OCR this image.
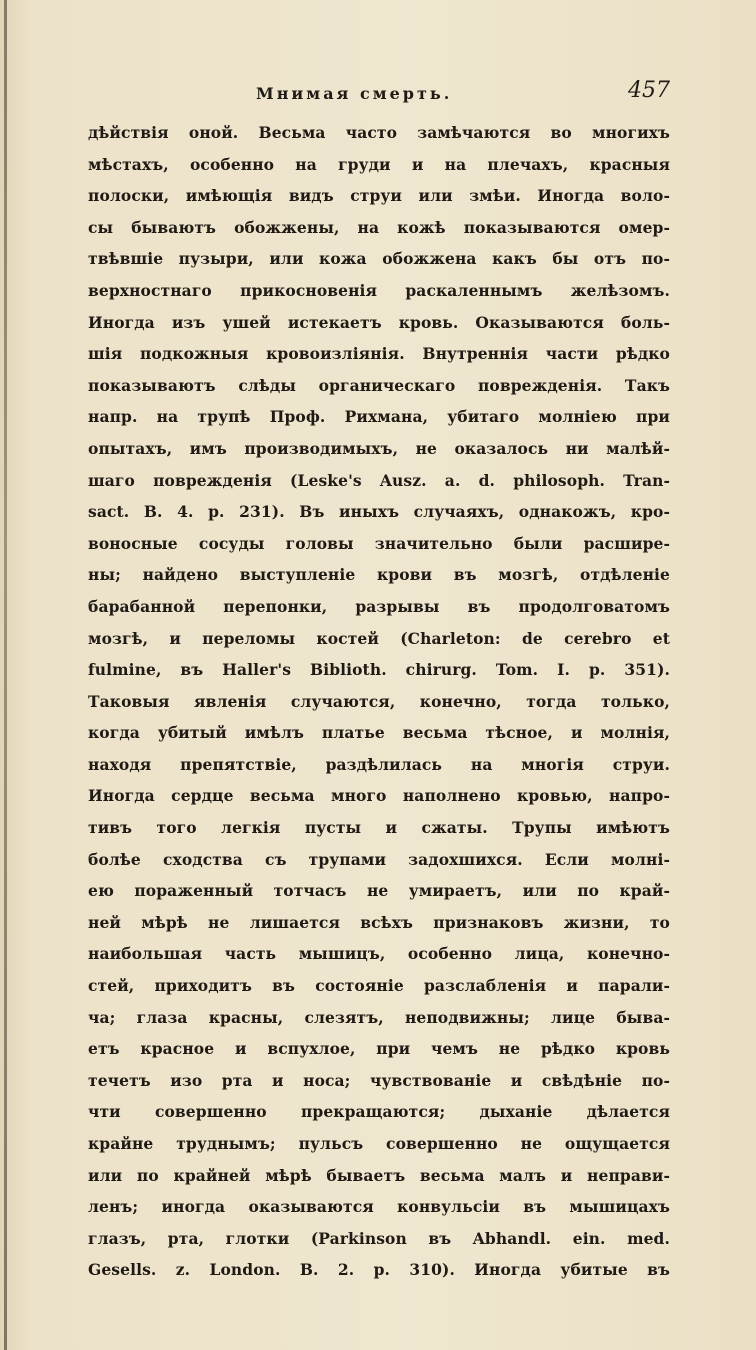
Мнимая смерть.	457
дѣйствія оной. Весьма часто замѣчаются во многихъ
мѣстахъ, особенно на груди и на плечахъ, красныя
полоски, имѣющія видъ струи или змѣи. Иногда воло-
сы бываютъ обожжены, на кожѣ показываются омер-
твѣвшіе пузыри, или кожа обожжена какъ бы отъ по-
верхностнаго прикосновенія раскаленнымъ желѣзомъ.
Иногда изъ ушей истекаетъ кровь. Оказываются боль-
шія подкожныя кровоизліянія. Внутреннія части рѣдко
показываютъ слѣды органическаго поврежденія. Такъ
напр. на трупѣ Проф. Рихмана, убитаго молніею при
опытахъ, имъ производимыхъ, не оказалось ни малѣй-
шаго поврежденія (Leske's Ausz. a. d. philosoph. Tran-
sact. B. 4. p. 231). Въ иныхъ случаяхъ, однакожъ, кро-
воносные сосуды головы значительно были расшире-
ны; найдено выступленіе крови въ мозгѣ, отдѣленіе
барабанной перепонки, разрывы въ продолговатомъ
мозгѣ, и переломы костей (Charleton: de cerebro et
fulmine, въ Haller's Biblioth. chirurg. Tom. I. p. 351).
Таковыя явленія случаются, конечно, тогда только,
когда убитый имѣлъ платье весьма тѣсное, и молнія,
находя препятствіе, раздѣлилась на многія струи.
Иногда сердце весьма много наполнено кровью, напро-
тивъ того легкія пусты и сжаты. Трупы имѣютъ
болѣе сходства съ трупами задохшихся. Если молні-
ею пораженный тотчасъ не умираетъ, или по край-
ней мѣрѣ не лишается всѣхъ признаковъ жизни, то
наибольшая часть мышицъ, особенно лица, конечно-
стей, приходитъ въ состояніе разслабленія и парали-
ча; глаза красны, слезятъ, неподвижны; лице быва-
етъ красное и вспухлое, при чемъ не рѣдко кровь
течетъ изо рта и носа; чувствованіе и свѣдѣніе по-
чти совершенно прекращаются; дыханіе дѣлается
крайне труднымъ; пульсъ совершенно не ощущается
или по крайней мѣрѣ бываетъ весьма малъ и неправи-
ленъ; иногда оказываются конвульсіи въ мышицахъ
глазъ, рта, глотки (Parkinson въ Abhandl. ein. med.
Gesells. z. London. B. 2. p. 310). Иногда убитые въ
